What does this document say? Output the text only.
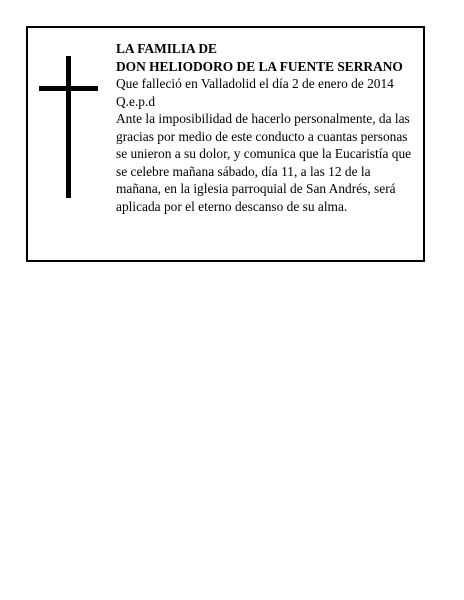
LA FAMILIA DE
DON HELIODORO DE LA FUENTE SERRANO
Que falleció en Valladolid el día 2 de enero de 2014
Q.e.p.d
Ante la imposibilidad de hacerlo personalmente, da las
gracias por medio de este conducto a cuantas personas
se unieron a su dolor, y comunica que la Eucaristía que
se celebre mañana sábado, día 11, a las 12 de la
mañana, en la iglesia parroquial de San Andrés, será
aplicada por el eterno descanso de su alma.
